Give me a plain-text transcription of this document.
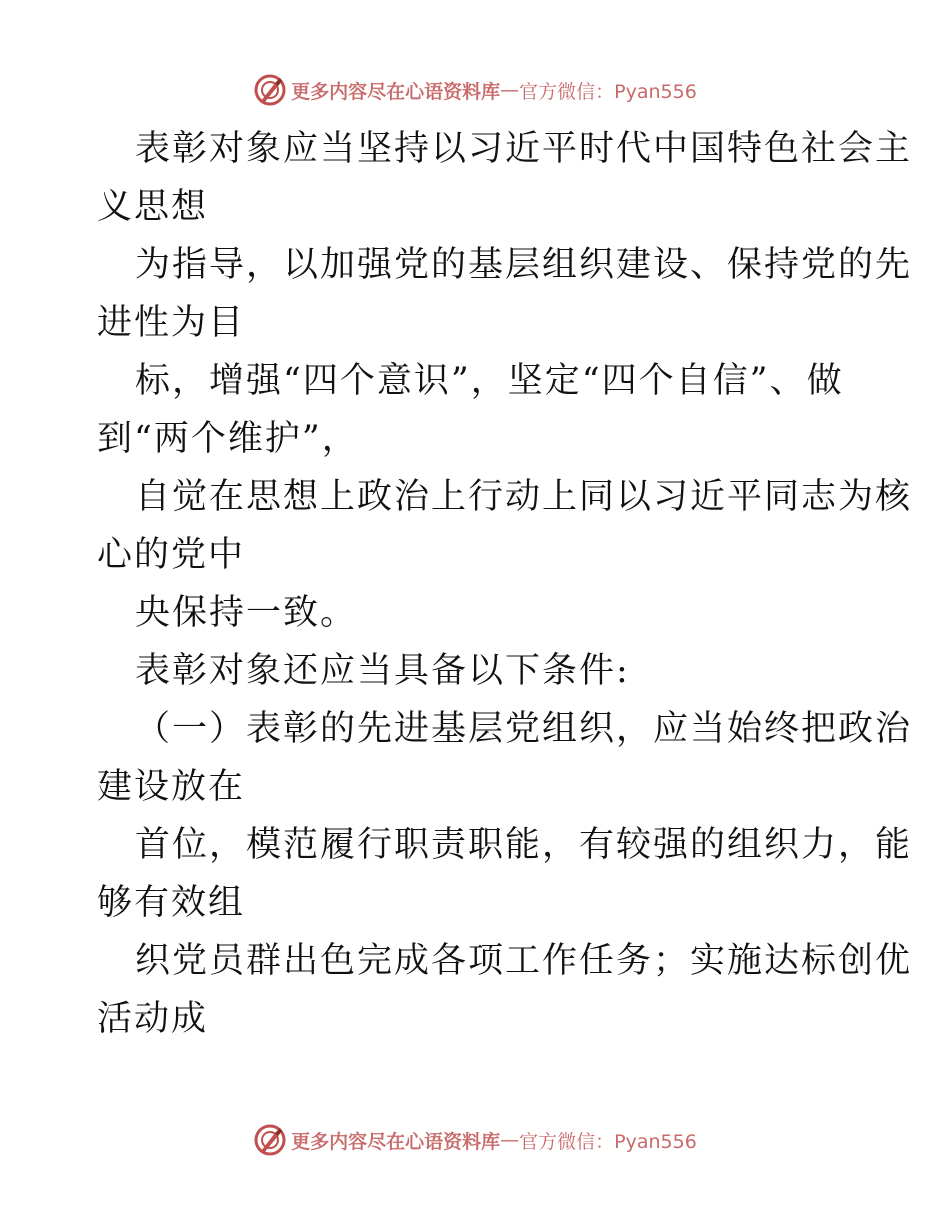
更多内容尽在心语资料库 — 官方微信：Pyan556
表彰对象应当坚持以习近平时代中国特色社会主
义思想
为指导，以加强党的基层组织建设、保持党的先
进性为目
标，增强“四个意识”，坚定“四个自信”、做
到“两个维护”，
自觉在思想上政治上行动上同以习近平同志为核
心的党中
央保持一致。
表彰对象还应当具备以下条件:
（一）表彰的先进基层党组织，应当始终把政治
建设放在
首位，模范履行职责职能，有较强的组织力，能
够有效组
织党员群出色完成各项工作任务；实施达标创优
活动成
更多内容尽在心语资料库 — 官方微信：Pyan556
